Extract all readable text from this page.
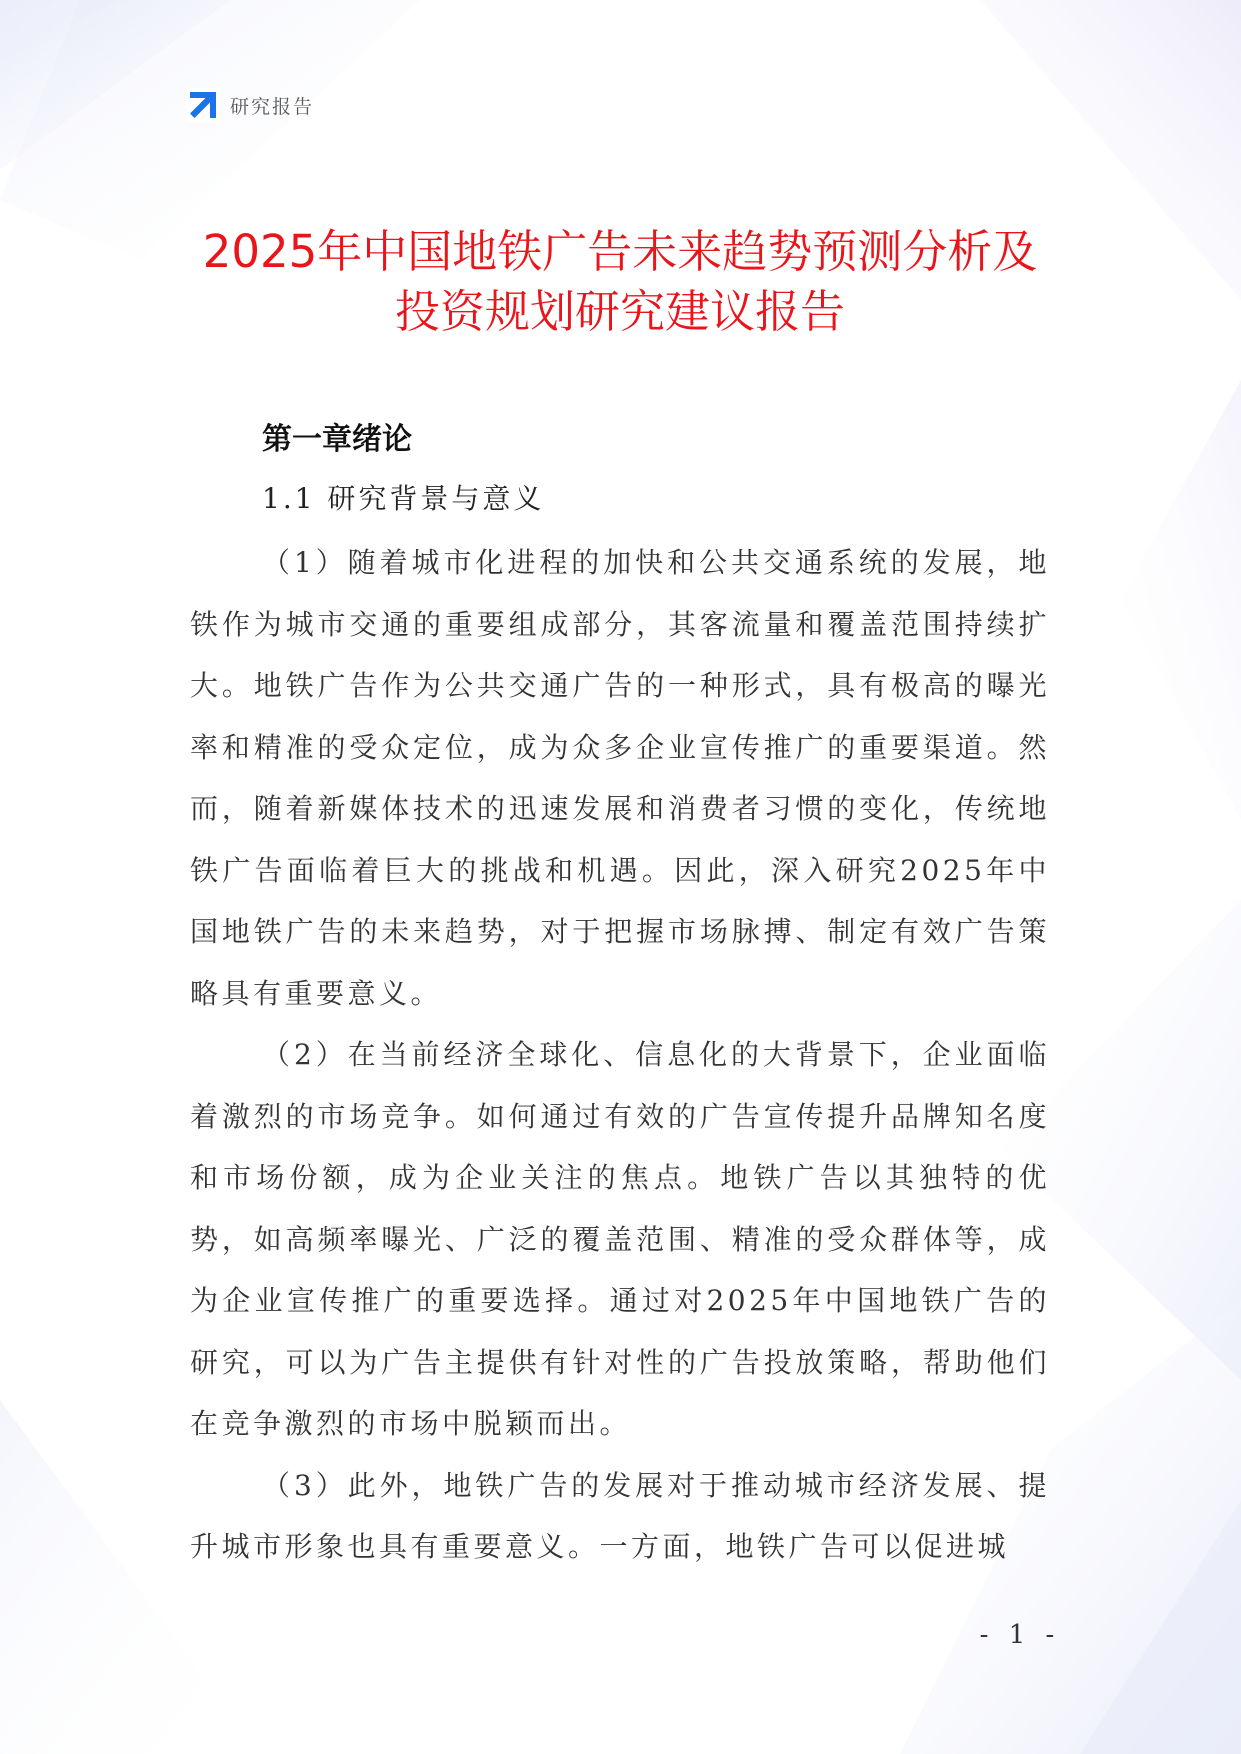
研究报告
2025年中国地铁广告未来趋势预测分析及
投资规划研究建议报告
第一章绪论
1.1 研究背景与意义

（1）随着城市化进程的加快和公共交通系统的发展，地铁作为城市交通的重要组成部分，其客流量和覆盖范围持续扩大。地铁广告作为公共交通广告的一种形式，具有极高的曝光率和精准的受众定位，成为众多企业宣传推广的重要渠道。然而，随着新媒体技术的迅速发展和消费者习惯的变化，传统地铁广告面临着巨大的挑战和机遇。因此，深入研究2025年中国地铁广告的未来趋势，对于把握市场脉搏、制定有效广告策略具有重要意义。

（2）在当前经济全球化、信息化的大背景下，企业面临着激烈的市场竞争。如何通过有效的广告宣传提升品牌知名度和市场份额，成为企业关注的焦点。地铁广告以其独特的优势，如高频率曝光、广泛的覆盖范围、精准的受众群体等，成为企业宣传推广的重要选择。通过对2025年中国地铁广告的研究，可以为广告主提供有针对性的广告投放策略，帮助他们在竞争激烈的市场中脱颖而出。

（3）此外，地铁广告的发展对于推动城市经济发展、提升城市形象也具有重要意义。一方面，地铁广告可以促进城

- 1 -
